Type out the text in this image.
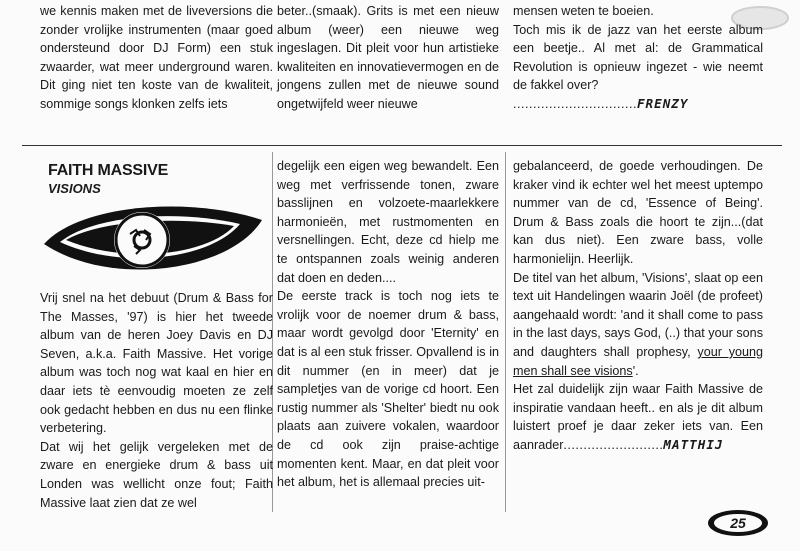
we kennis maken met de liveversions die zonder vrolijke instrumenten (maar goed ondersteund door DJ Form) een stuk zwaarder, wat meer underground waren. Dit ging niet ten koste van de kwaliteit, sommige songs klonken zelfs iets

beter..(smaak). Grits is met een nieuw album (weer) een nieuwe weg ingeslagen. Dit pleit voor hun artistieke kwaliteiten en innovatievermogen en de jongens zullen met de nieuwe sound ongetwijfeld weer nieuwe

mensen weten te boeien.

Toch mis ik de jazz van het eerste album een beetje.. Al met al: de Grammatical Revolution is opnieuw ingezet - wie neemt de fakkel over?

...............................FRENZY

FAITH MASSIVE
VISIONS

Vrij snel na het debuut (Drum & Bass for The Masses, '97) is hier het tweede album van de heren Joey Davis en DJ Seven, a.k.a. Faith Massive. Het vorige album was toch nog wat kaal en hier en daar iets tè eenvoudig moeten ze zelf ook gedacht hebben en dus nu een flinke verbetering.

Dat wij het gelijk vergeleken met de zware en energieke drum & bass uit Londen was wellicht onze fout; Faith Massive laat zien dat ze wel

degelijk een eigen weg bewandelt. Een weg met verfrissende tonen, zware basslijnen en volzoete-maarlekkere harmonieën, met rustmomenten en versnellingen. Echt, deze cd hielp me te ontspannen zoals weinig anderen dat doen en deden....

De eerste track is toch nog iets te vrolijk voor de noemer drum & bass, maar wordt gevolgd door 'Eternity' en dat is al een stuk frisser. Opvallend is in dit nummer (en in meer) dat je sampletjes van de vorige cd hoort. Een rustig nummer als 'Shelter' biedt nu ook plaats aan zuivere vokalen, waardoor de cd ook zijn praise-achtige momenten kent. Maar, en dat pleit voor het album, het is allemaal precies uit-

gebalanceerd, de goede verhoudingen. De kraker vind ik echter wel het meest uptempo nummer van de cd, 'Essence of Being'. Drum & Bass zoals die hoort te zijn...(dat kan dus niet). Een zware bass, volle harmonielijn. Heerlijk.

De titel van het album, 'Visions', slaat op een text uit Handelingen waarin Joël (de profeet) aangehaald wordt: 'and it shall come to pass in the last days, says God, (..) that your sons and daughters shall prophesy, your young men shall see visions'.

Het zal duidelijk zijn waar Faith Massive de inspiratie vandaan heeft.. en als je dit album luistert proef je daar zeker iets van. Een aanrader.........................MATTHIJ

25
